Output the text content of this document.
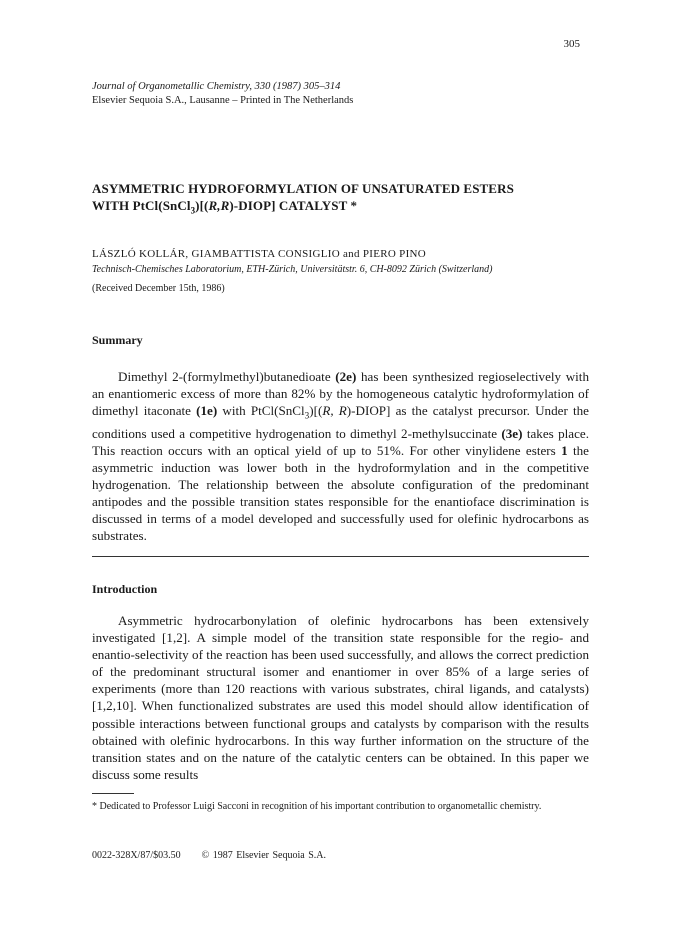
305
Journal of Organometallic Chemistry, 330 (1987) 305–314
Elsevier Sequoia S.A., Lausanne – Printed in The Netherlands
ASYMMETRIC HYDROFORMYLATION OF UNSATURATED ESTERS
WITH PtCl(SnCl$_3$)[(R,R)-DIOP] CATALYST *
LÁSZLÓ KOLLÁR, GIAMBATTISTA CONSIGLIO and PIERO PINO
Technisch-Chemisches Laboratorium, ETH-Zürich, Universitätstr. 6, CH-8092 Zürich (Switzerland)
(Received December 15th, 1986)
Summary
Dimethyl 2-(formylmethyl)butanedioate (2e) has been synthesized regioselectively with an enantiomeric excess of more than 82% by the homogeneous catalytic hydroformylation of dimethyl itaconate (1e) with PtCl(SnCl$_3$)[(R, R)-DIOP] as the catalyst precursor. Under the conditions used a competitive hydrogenation to dimethyl 2-methylsuccinate (3e) takes place. This reaction occurs with an optical yield of up to 51%. For other vinylidene esters 1 the asymmetric induction was lower both in the hydroformylation and in the competitive hydrogenation. The relationship between the absolute configuration of the predominant antipodes and the possible transition states responsible for the enantioface discrimination is discussed in terms of a model developed and successfully used for olefinic hydrocarbons as substrates.
Introduction
Asymmetric hydrocarbonylation of olefinic hydrocarbons has been extensively investigated [1,2]. A simple model of the transition state responsible for the regio- and enantio-selectivity of the reaction has been used successfully, and allows the correct prediction of the predominant structural isomer and enantiomer in over 85% of a large series of experiments (more than 120 reactions with various substrates, chiral ligands, and catalysts) [1,2,10]. When functionalized substrates are used this model should allow identification of possible interactions between functional groups and catalysts by comparison with the results obtained with olefinic hydrocarbons. In this way further information on the structure of the transition states and on the nature of the catalytic centers can be obtained. In this paper we discuss some results
* Dedicated to Professor Luigi Sacconi in recognition of his important contribution to organometallic chemistry.
0022-328X/87/$03.50 © 1987 Elsevier Sequoia S.A.
